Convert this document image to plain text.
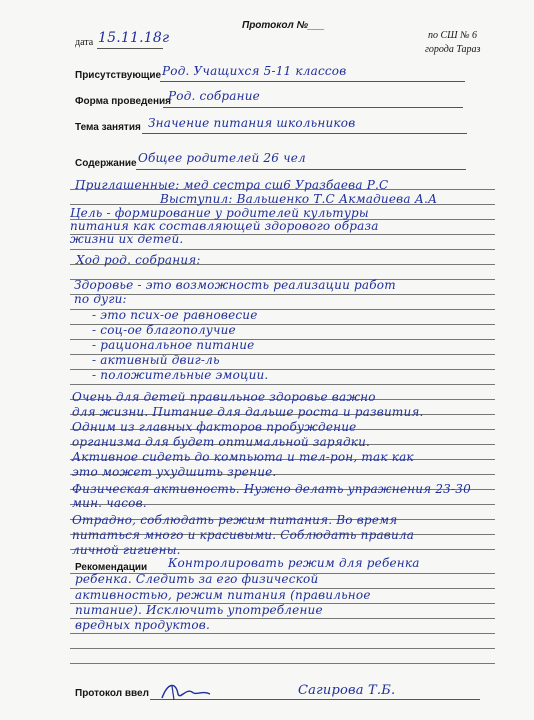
Протокол №___
по СШ № 6
города Тараз
дата 15.11.18г
Присутствующие Род. Учащихся 5-11 классов
Форма проведения
Род. собрание
Тема занятия Значение питания школьников
Содержание Общее родителей 26 чел
Приглашенные: мед сестра сш6 Уразбаева Р.С
Выступил: Вальшенко Т.С Акмадиева А.А
Цель - формирование у родителей культуры
питания как составляющей здорового образа
жизни их детей.
Ход род. собрания:
Здоровье - это возможность реализации работ
по дуги:
- это псих-ое равновесие
- соц-ое благополучие
- рациональное питание
- активный двиг-ль
- положительные эмоции.
Очень для детей правильное здоровье важно
для жизни. Питание для дальше роста и развития.
Одним из главных факторов пробуждение
организма для будет оптимальной зарядки.
Активное сидеть до компьюта и тел-рон, так как
это может ухудшить зрение.
Физическая активность. Нужно делать упражнения 23-30
мин. часов.
Отрадно, соблюдать режим питания. Во время
питаться много и красивыми. Соблюдать правила
личной гигиены.
Рекомендации Контролировать режим для ребенка
ребенка. Следить за его физической
активностью, режим питания (правильное
питание). Исключить употребление
вредных продуктов.
Протокол ввел	Сагирова Т.Б.
